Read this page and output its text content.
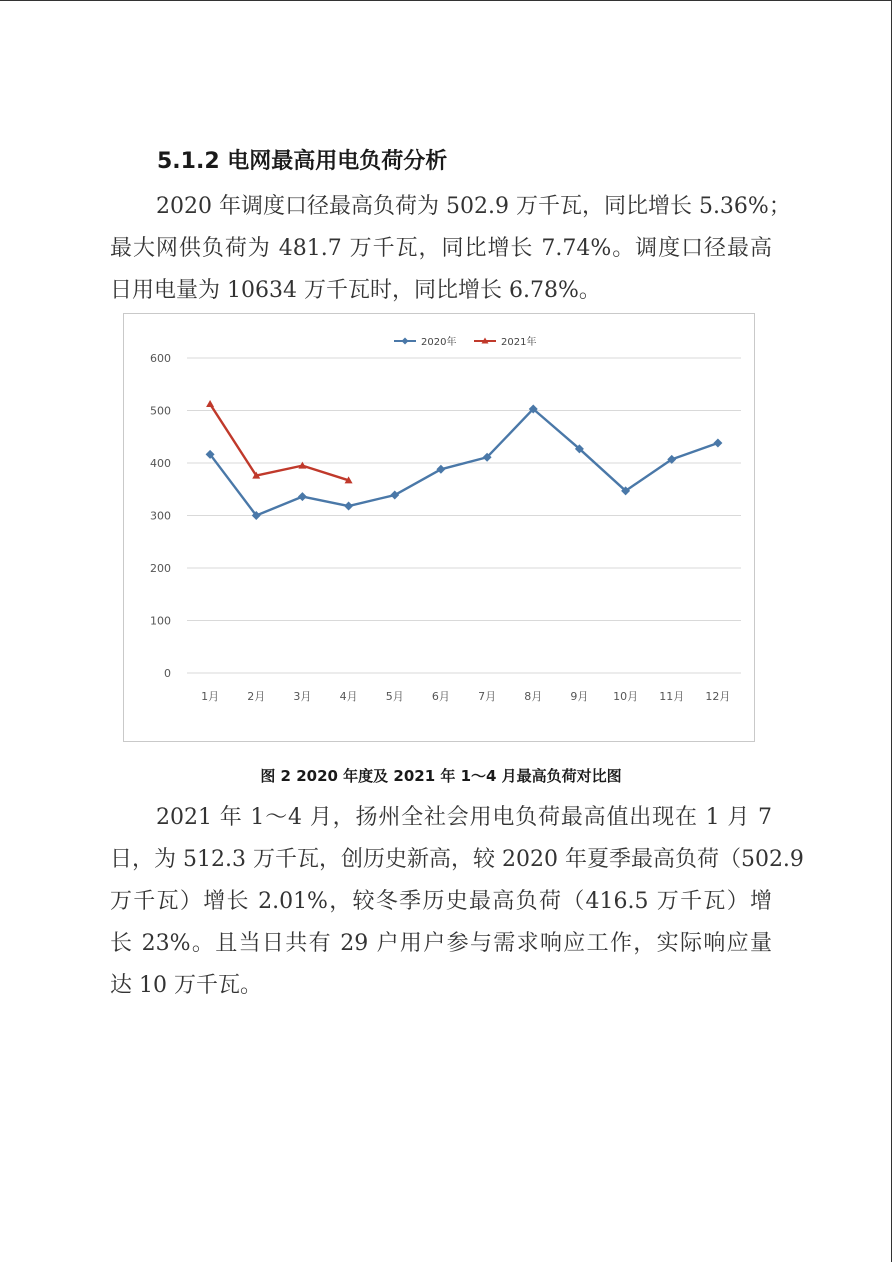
5.1.2 电网最高用电负荷分析
2020 年调度口径最高负荷为 502.9 万千瓦，同比增长 5.36%；
最大网供负荷为 481.7 万千瓦，同比增长 7.74%。调度口径最高
日用电量为 10634 万千瓦时，同比增长 6.78%。
0
100
200
300
400
500
600
1月	2月	3月	4月	5月	6月	7月	8月	9月 10月 11月 12月
2020年	2021年

图 2 2020 年度及 2021 年 1～4 月最高负荷对比图

2021 年 1～4 月，扬州全社会用电负荷最高值出现在 1 月 7
日，为 512.3 万千瓦，创历史新高，较 2020 年夏季最高负荷（502.9
万千瓦）增长 2.01%，较冬季历史最高负荷（416.5 万千瓦）增
长 23%。且当日共有 29 户用户参与需求响应工作，实际响应量
达 10 万千瓦。
